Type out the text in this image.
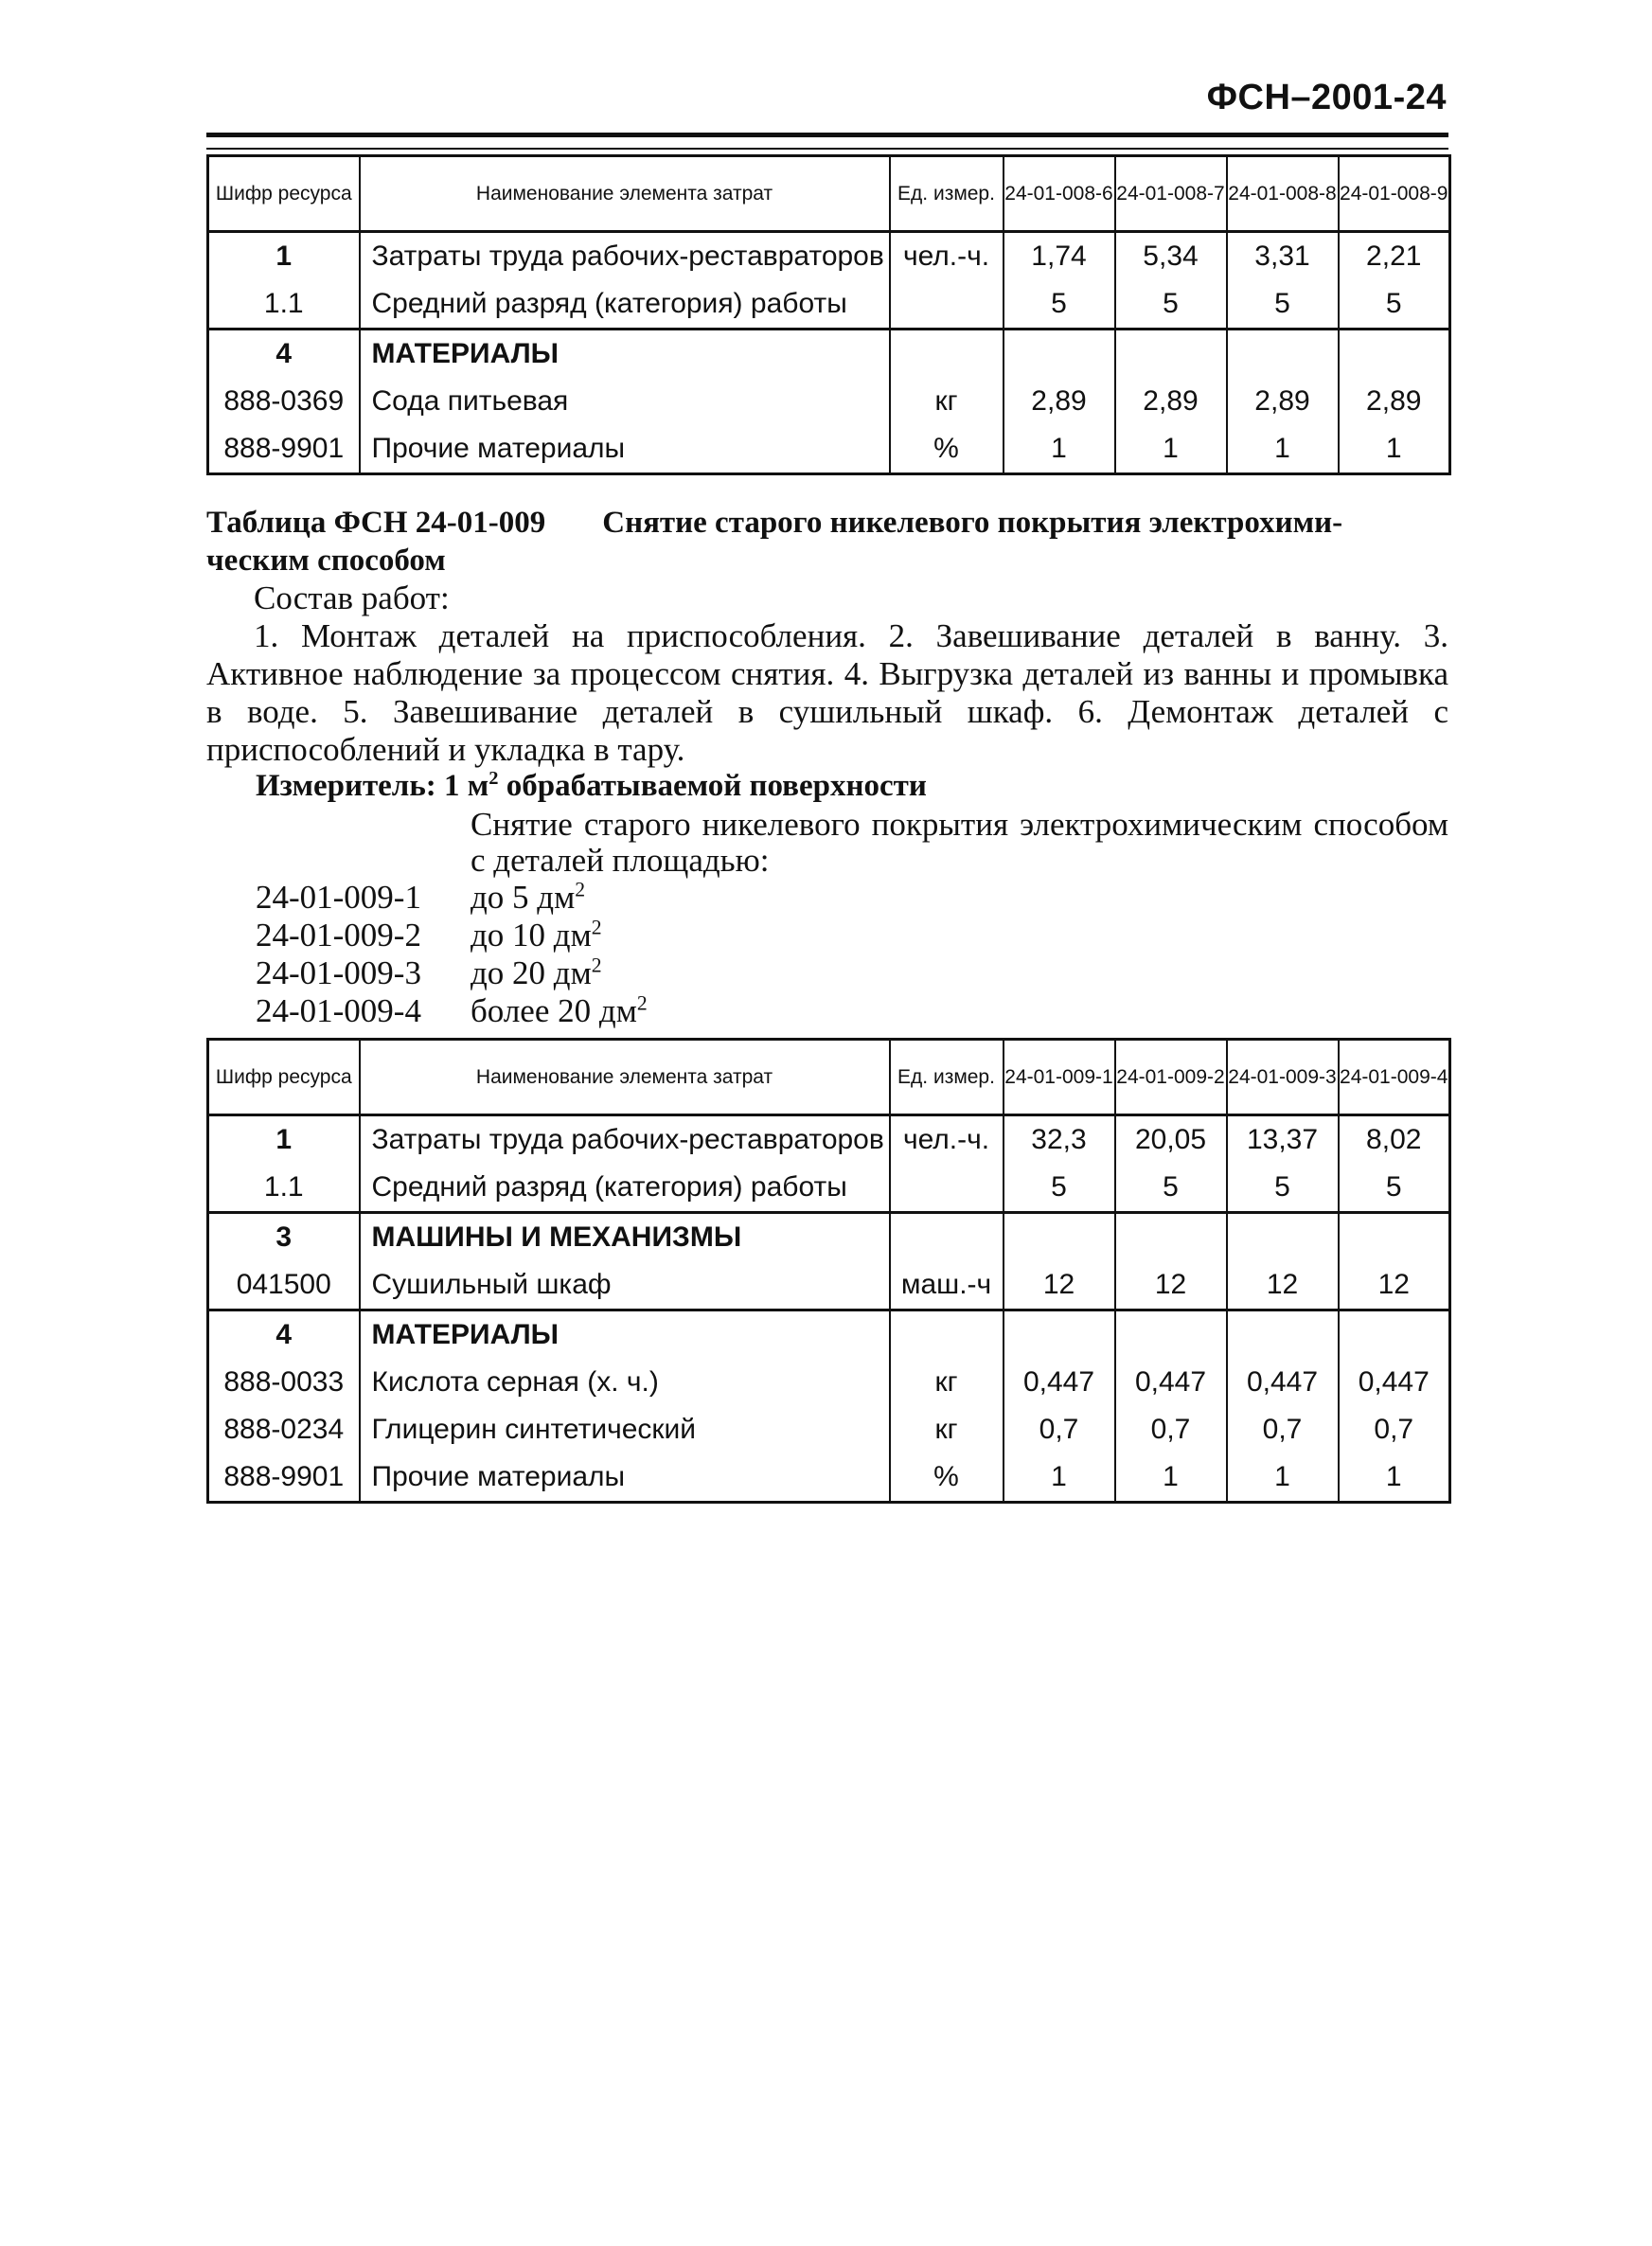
ФСН–2001-24
Шифр ресурса	Наименование элемента затрат	Ед. измер.	24-01-008-6	24-01-008-7	24-01-008-8	24-01-008-9
1	Затраты труда рабочих-реставраторов	чел.-ч.	1,74	5,34	3,31	2,21
1.1	Средний разряд (категория) работы		5	5	5	5
4	МАТЕРИАЛЫ					
888-0369	Сода питьевая	кг	2,89	2,89	2,89	2,89
888-9901	Прочие материалы	%	1	1	1	1
Таблица ФСН 24-01-009 Снятие старого никелевого покрытия электрохими-
ческим способом
Состав работ:
1. Монтаж деталей на приспособления. 2. Завешивание деталей в ванну. 3. Активное наблюдение за процессом снятия. 4. Выгрузка деталей из ванны и промывка в воде. 5. Завешивание деталей в сушильный шкаф. 6. Демонтаж деталей с приспособлений и укладка в тару.
Измеритель: 1 $м^2$ обрабатываемой поверхности
Снятие старого никелевого покрытия электрохимическим способом с деталей площадью:
24-01-009-1	до 5 $дм^2$
24-01-009-2	до 10 $дм^2$
24-01-009-3	до 20 $дм^2$
24-01-009-4	более 20 $дм^2$
Шифр ресурса	Наименование элемента затрат	Ед. измер.	24-01-009-1	24-01-009-2	24-01-009-3	24-01-009-4
1	Затраты труда рабочих-реставраторов	чел.-ч.	32,3	20,05	13,37	8,02
1.1	Средний разряд (категория) работы		5	5	5	5
3	МАШИНЫ И МЕХАНИЗМЫ					
041500	Сушильный шкаф	маш.-ч	12	12	12	12
4	МАТЕРИАЛЫ					
888-0033	Кислота серная (х. ч.)	кг	0,447	0,447	0,447	0,447
888-0234	Глицерин синтетический	кг	0,7	0,7	0,7	0,7
888-9901	Прочие материалы	%	1	1	1	1
